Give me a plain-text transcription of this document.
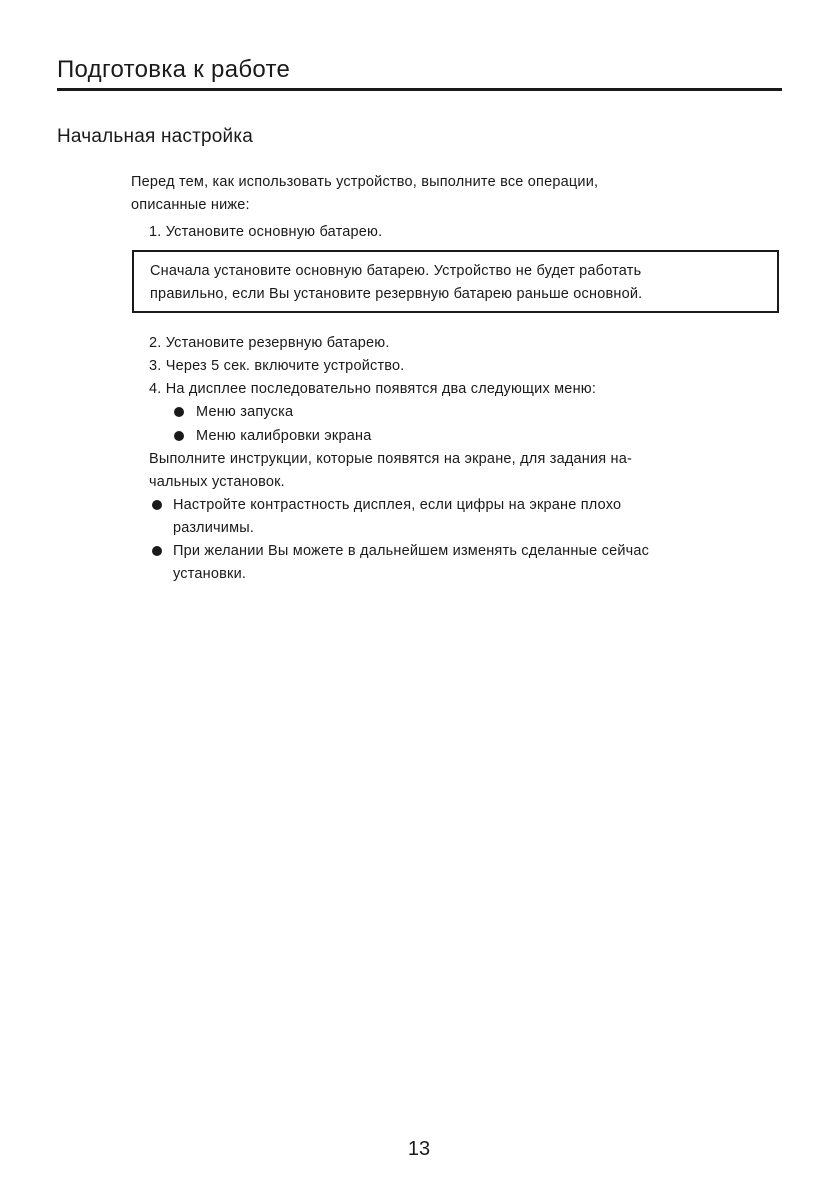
Подготовка к работе
Начальная настройка
Перед тем, как использовать устройство, выполните все операции,
описанные ниже:
1. Установите основную батарею.
Сначала установите основную батарею. Устройство не будет работать
правильно, если Вы установите резервную батарею раньше основной.
2. Установите резервную батарею.
3. Через 5 сек. включите устройство.
4. На дисплее последовательно появятся два следующих меню:
Меню запуска
Меню калибровки экрана
Выполните инструкции, которые появятся на экране, для задания на-
чальных установок.
Настройте контрастность дисплея, если цифры на экране плохо
различимы.
При желании Вы можете в дальнейшем изменять сделанные сейчас
установки.
13
